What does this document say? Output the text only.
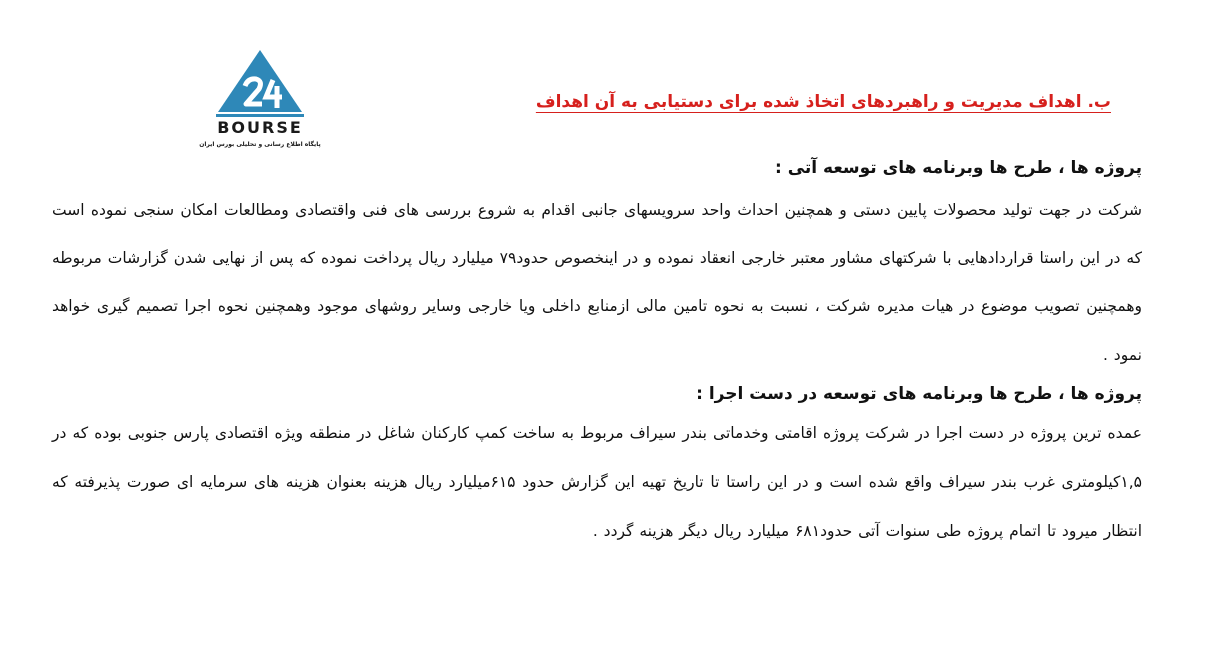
BOURSE
پایگاه اطلاع رسانی و تحلیلی بورس ایران
ب. اهداف مدیریت و راهبردهای اتخاذ شده برای دستیابی به آن اهداف

پروژه ها ، طرح ها وبرنامه های توسعه آتی :

شرکت در جهت تولید محصولات پایین دستی و همچنین احداث واحد سرویسهای جانبی اقدام به شروع بررسی های فنی واقتصادی ومطالعات امکان سنجی نموده است که در این راستا قراردادهایی با شرکتهای مشاور معتبر خارجی انعقاد نموده و در اینخصوص حدود۷۹ میلیارد ریال پرداخت نموده که پس از نهایی شدن گزارشات مربوطه وهمچنین تصویب موضوع در هیات مدیره شرکت ، نسبت به نحوه تامین مالی ازمنابع داخلی ویا خارجی وسایر روشهای موجود وهمچنین نحوه اجرا تصمیم گیری خواهد نمود .

پروژه ها ، طرح ها وبرنامه های توسعه در دست اجرا :

عمده ترین پروژه در دست اجرا در شرکت پروژه اقامتی وخدماتی بندر سیراف مربوط به ساخت کمپ کارکنان شاغل در منطقه ویژه اقتصادی پارس جنوبی بوده که در ۱,۵کیلومتری غرب بندر سیراف واقع شده است و در این راستا تا تاریخ تهیه این گزارش حدود ۶۱۵میلیارد ریال هزینه بعنوان هزینه های سرمایه ای صورت پذیرفته که انتظار میرود تا اتمام پروژه طی سنوات آتی حدود۶۸۱ میلیارد ریال دیگر هزینه گردد .
